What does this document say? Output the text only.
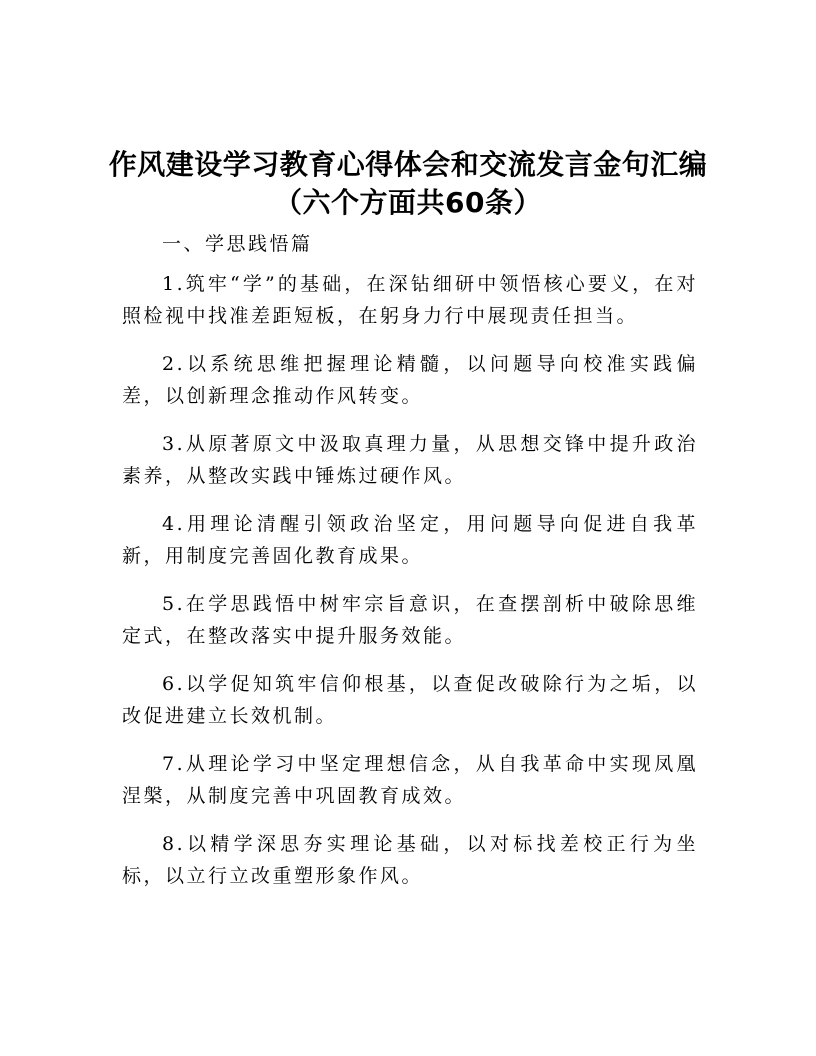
作风建设学习教育心得体会和交流发言金句汇编（六个方面共60条）

一、学思践悟篇

1.筑牢“学”的基础，在深钻细研中领悟核心要义，在对照检视中找准差距短板，在躬身力行中展现责任担当。

2.以系统思维把握理论精髓，以问题导向校准实践偏差，以创新理念推动作风转变。

3.从原著原文中汲取真理力量，从思想交锋中提升政治素养，从整改实践中锤炼过硬作风。

4.用理论清醒引领政治坚定，用问题导向促进自我革新，用制度完善固化教育成果。

5.在学思践悟中树牢宗旨意识，在查摆剖析中破除思维定式，在整改落实中提升服务效能。

6.以学促知筑牢信仰根基，以查促改破除行为之垢，以改促进建立长效机制。

7.从理论学习中坚定理想信念，从自我革命中实现凤凰涅槃，从制度完善中巩固教育成效。

8.以精学深思夯实理论基础，以对标找差校正行为坐标，以立行立改重塑形象作风。
